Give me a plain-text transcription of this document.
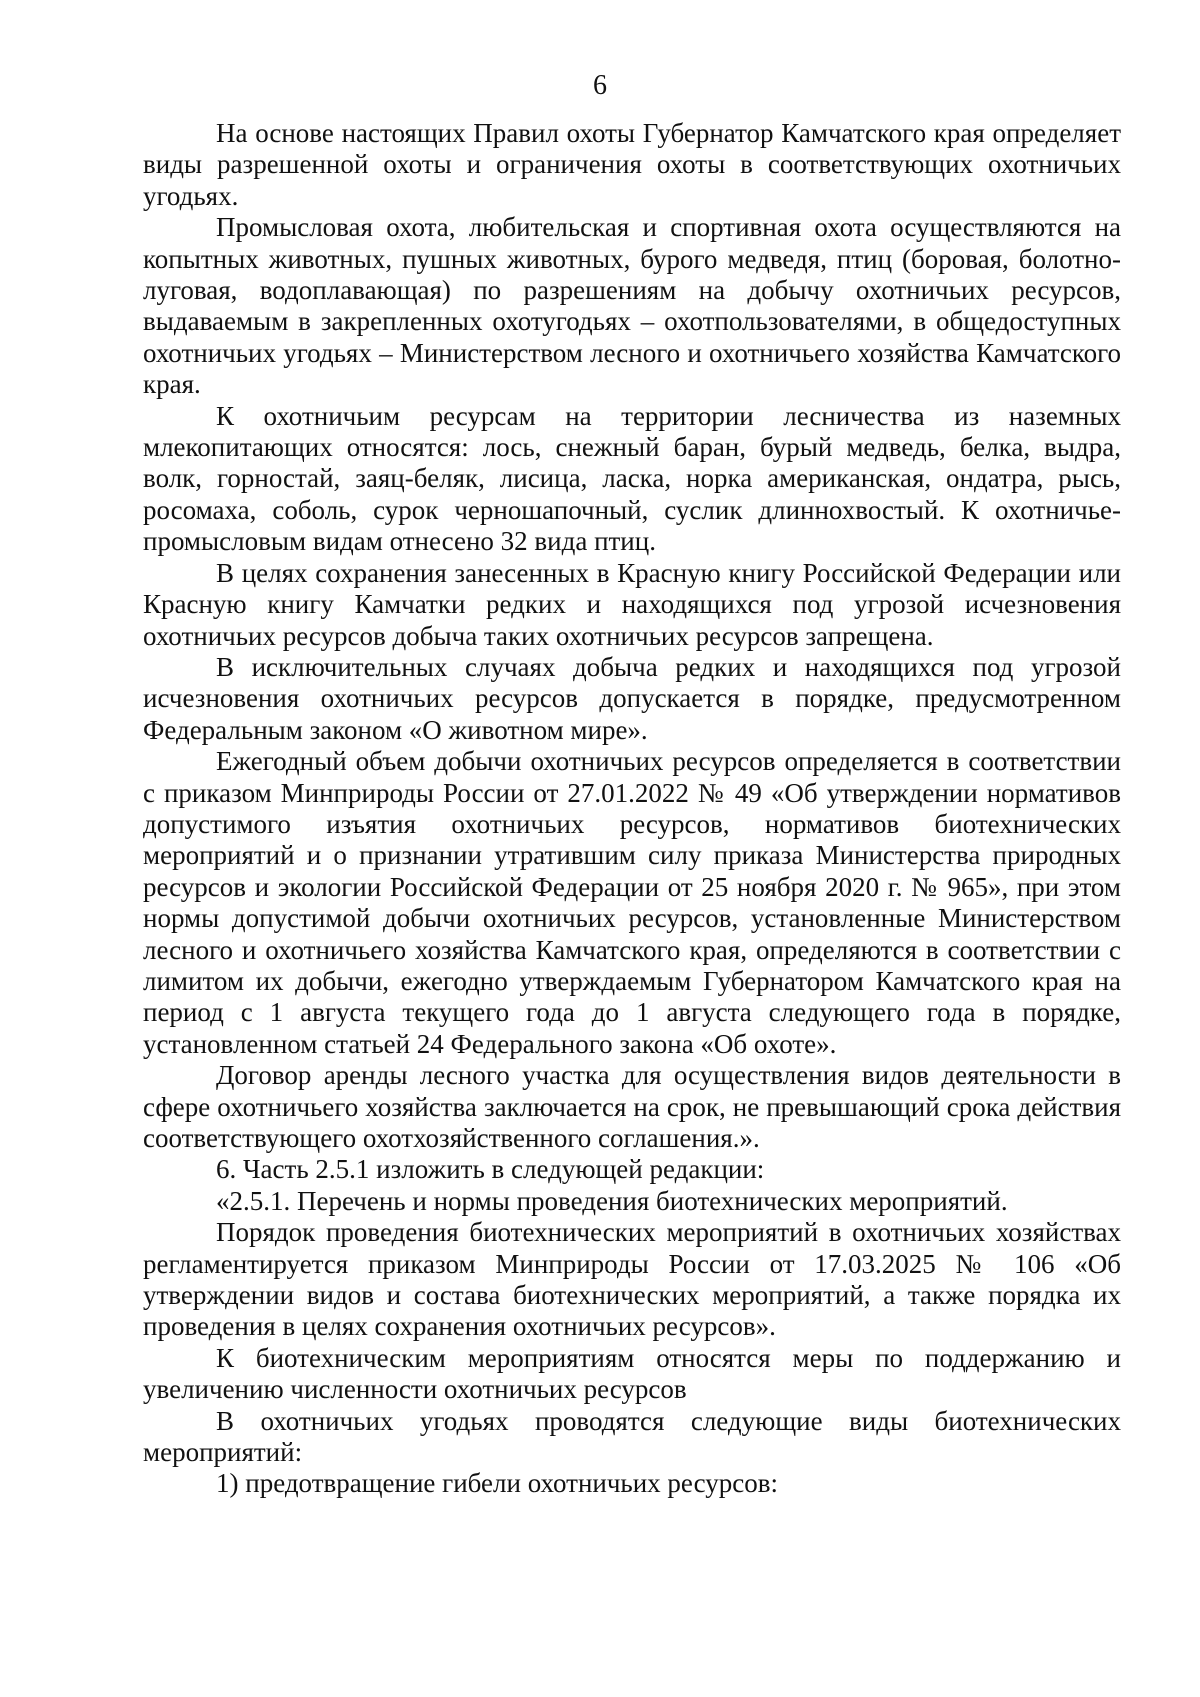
6

На основе настоящих Правил охоты Губернатор Камчатского края определяет виды разрешенной охоты и ограничения охоты в соответствующих охотничьих угодьях.

Промысловая охота, любительская и спортивная охота осуществляются на копытных животных, пушных животных, бурого медведя, птиц (боровая, болотно-луговая, водоплавающая) по разрешениям на добычу охотничьих ресурсов, выдаваемым в закрепленных охотугодьях – охотпользователями, в общедоступных охотничьих угодьях – Министерством лесного и охотничьего хозяйства Камчатского края.

К охотничьим ресурсам на территории лесничества из наземных млекопитающих относятся: лось, снежный баран, бурый медведь, белка, выдра, волк, горностай, заяц-беляк, лисица, ласка, норка американская, ондатра, рысь, росомаха, соболь, сурок черношапочный, суслик длиннохвостый. К охотничье-промысловым видам отнесено 32 вида птиц.

В целях сохранения занесенных в Красную книгу Российской Федерации или Красную книгу Камчатки редких и находящихся под угрозой исчезновения охотничьих ресурсов добыча таких охотничьих ресурсов запрещена.

В исключительных случаях добыча редких и находящихся под угрозой исчезновения охотничьих ресурсов допускается в порядке, предусмотренном Федеральным законом «О животном мире».

Ежегодный объем добычи охотничьих ресурсов определяется в соответствии с приказом Минприроды России от 27.01.2022 № 49 «Об утверждении нормативов допустимого изъятия охотничьих ресурсов, нормативов биотехнических мероприятий и о признании утратившим силу приказа Министерства природных ресурсов и экологии Российской Федерации от 25 ноября 2020 г. № 965», при этом нормы допустимой добычи охотничьих ресурсов, установленные Министерством лесного и охотничьего хозяйства Камчатского края, определяются в соответствии с лимитом их добычи, ежегодно утверждаемым Губернатором Камчатского края на период с 1 августа текущего года до 1 августа следующего года в порядке, установленном статьей 24 Федерального закона «Об охоте».

Договор аренды лесного участка для осуществления видов деятельности в сфере охотничьего хозяйства заключается на срок, не превышающий срока действия соответствующего охотхозяйственного соглашения.».

6. Часть 2.5.1 изложить в следующей редакции:

«2.5.1. Перечень и нормы проведения биотехнических мероприятий.

Порядок проведения биотехнических мероприятий в охотничьих хозяйствах регламентируется приказом Минприроды России от 17.03.2025 № 106 «Об утверждении видов и состава биотехнических мероприятий, а также порядка их проведения в целях сохранения охотничьих ресурсов».

К биотехническим мероприятиям относятся меры по поддержанию и увеличению численности охотничьих ресурсов

В охотничьих угодьях проводятся следующие виды биотехнических мероприятий:

1) предотвращение гибели охотничьих ресурсов:
